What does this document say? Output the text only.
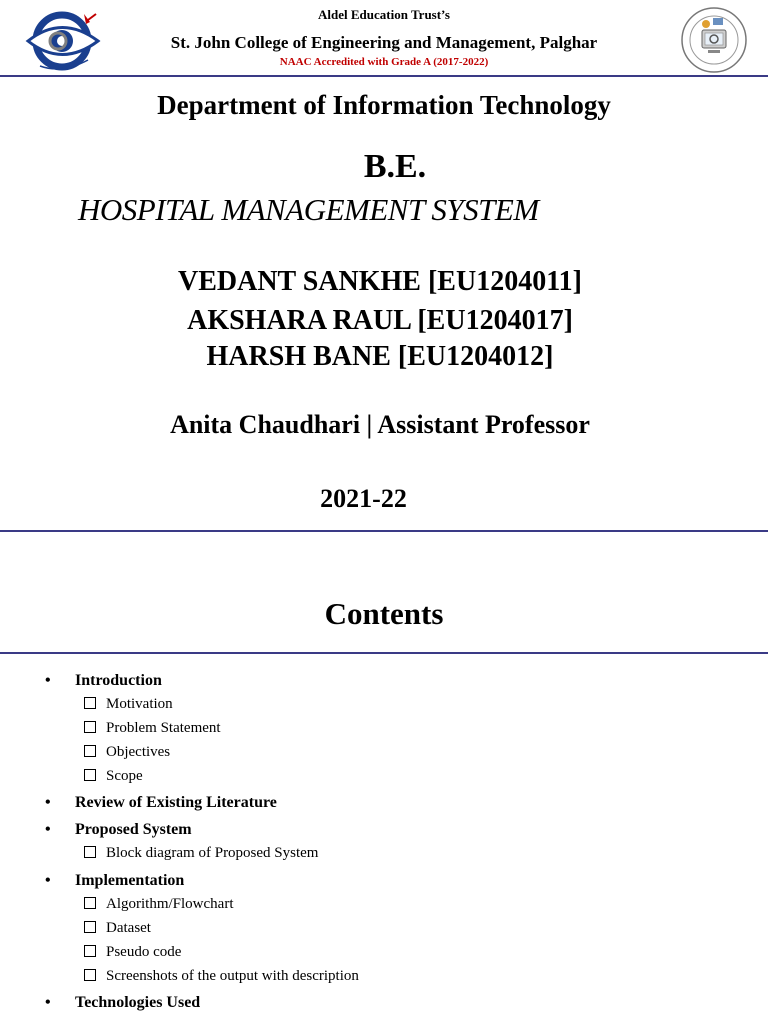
Aldel Education Trust’s
St. John College of Engineering and Management, Palghar
NAAC Accredited with Grade A (2017-2022)
Department of Information Technology
B.E.
HOSPITAL MANAGEMENT SYSTEM
VEDANT SANKHE [EU1204011]
AKSHARA RAUL [EU1204017]
HARSH BANE [EU1204012]
Anita Chaudhari | Assistant Professor
2021-22
Contents
• Introduction
Motivation
Problem Statement
Objectives
Scope
• Review of Existing Literature
• Proposed System
Block diagram of Proposed System
• Implementation
Algorithm/Flowchart
Dataset
Pseudo code
Screenshots of the output with description
• Technologies Used
